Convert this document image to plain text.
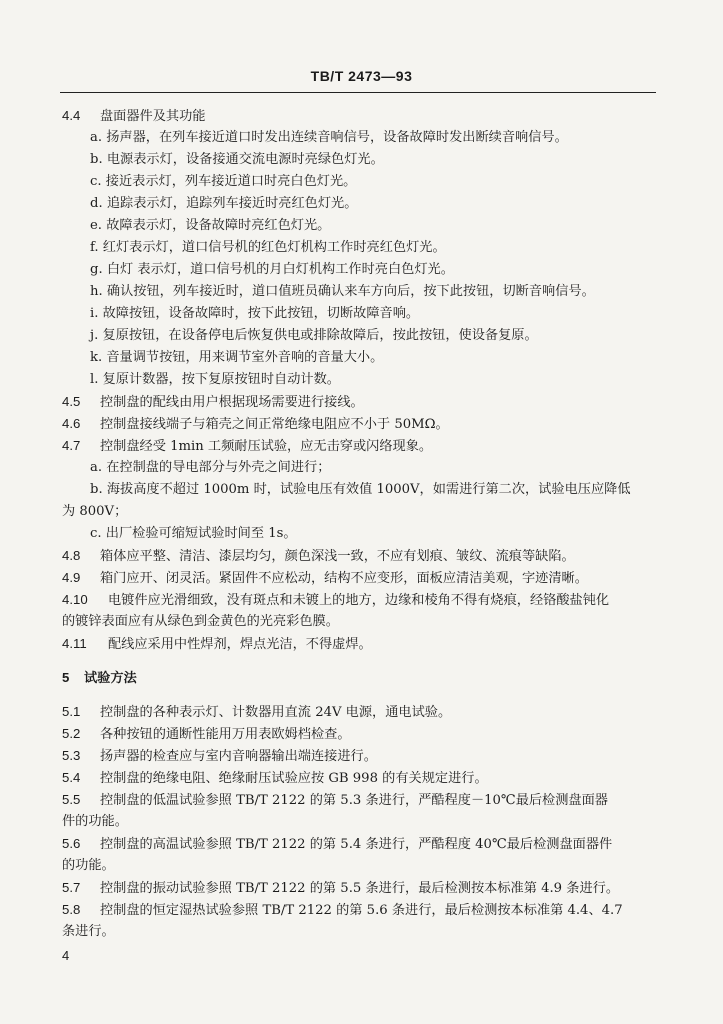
TB/T 2473—93
4.4 盘面器件及其功能
a. 扬声器，在列车接近道口时发出连续音响信号，设备故障时发出断续音响信号。
b. 电源表示灯，设备接通交流电源时亮绿色灯光。
c. 接近表示灯，列车接近道口时亮白色灯光。
d. 追踪表示灯，追踪列车接近时亮红色灯光。
e. 故障表示灯，设备故障时亮红色灯光。
f. 红灯表示灯，道口信号机的红色灯机构工作时亮红色灯光。
g. 白灯 表示灯，道口信号机的月白灯机构工作时亮白色灯光。
h. 确认按钮，列车接近时，道口值班员确认来车方向后，按下此按钮，切断音响信号。
i. 故障按钮，设备故障时，按下此按钮，切断故障音响。
j. 复原按钮，在设备停电后恢复供电或排除故障后，按此按钮，使设备复原。
k. 音量调节按钮，用来调节室外音响的音量大小。
l. 复原计数器，按下复原按钮时自动计数。
4.5 控制盘的配线由用户根据现场需要进行接线。
4.6 控制盘接线端子与箱壳之间正常绝缘电阻应不小于 50MΩ。
4.7 控制盘经受 1min 工频耐压试验，应无击穿或闪络现象。
a. 在控制盘的导电部分与外壳之间进行；
b. 海拔高度不超过 1000m 时，试验电压有效值 1000V，如需进行第二次，试验电压应降低
为 800V；
c. 出厂检验可缩短试验时间至 1s。
4.8 箱体应平整、清洁、漆层均匀，颜色深浅一致，不应有划痕、皱纹、流痕等缺陷。
4.9 箱门应开、闭灵活。紧固件不应松动，结构不应变形，面板应清洁美观，字迹清晰。
4.10 电镀件应光滑细致，没有斑点和未镀上的地方，边缘和棱角不得有烧痕，经铬酸盐钝化
的镀锌表面应有从绿色到金黄色的光亮彩色膜。
4.11 配线应采用中性焊剂，焊点光洁，不得虚焊。
5 试验方法
5.1 控制盘的各种表示灯、计数器用直流 24V 电源，通电试验。
5.2 各种按钮的通断性能用万用表欧姆档检查。
5.3 扬声器的检查应与室内音响器输出端连接进行。
5.4 控制盘的绝缘电阻、绝缘耐压试验应按 GB 998 的有关规定进行。
5.5 控制盘的低温试验参照 TB/T 2122 的第 5.3 条进行，严酷程度－10℃最后检测盘面器
件的功能。
5.6 控制盘的高温试验参照 TB/T 2122 的第 5.4 条进行，严酷程度 40℃最后检测盘面器件
的功能。
5.7 控制盘的振动试验参照 TB/T 2122 的第 5.5 条进行，最后检测按本标准第 4.9 条进行。
5.8 控制盘的恒定湿热试验参照 TB/T 2122 的第 5.6 条进行，最后检测按本标准第 4.4、4.7
条进行。
4
